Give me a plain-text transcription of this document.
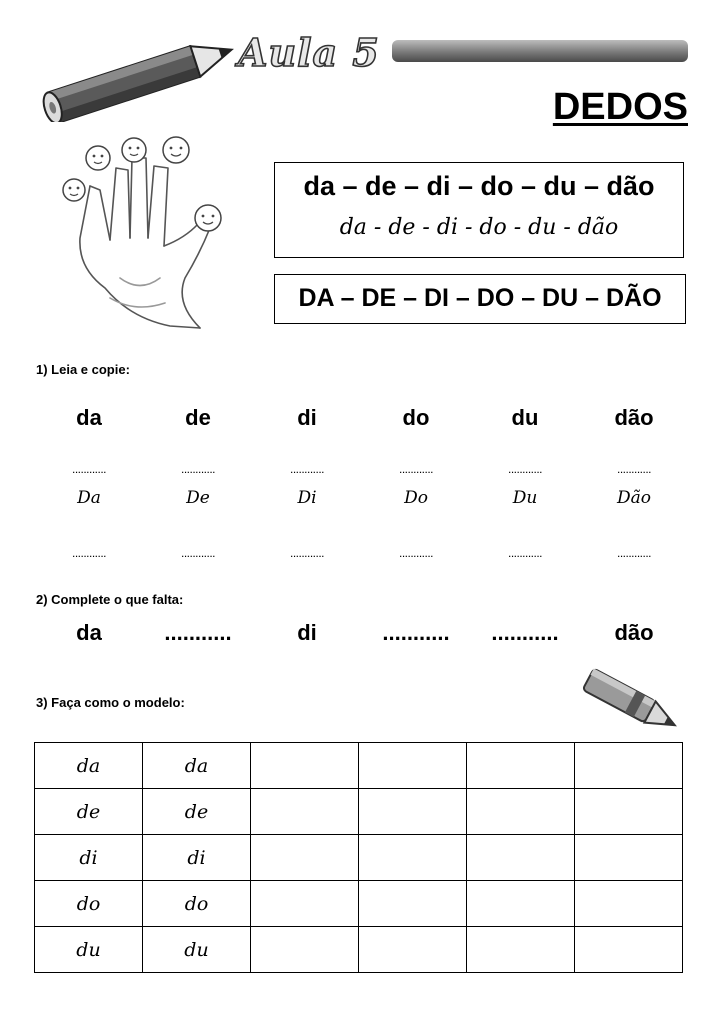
Aula 5
DEDOS
da – de – di – do – du – dão
da - de - di - do - du - dão
DA – DE – DI – DO – DU – DÃO
1) Leia e copie:
da	de	di	do	du	dão
............	............	............	............	............	............
Da	De	Di	Do	Du	Dão
............	............	............	............	............	............
2) Complete o que falta:
da	...........	di	...........	...........	dão
3) Faça como o modelo:
da	da				
de	de				
di	di				
do	do				
du	du				
